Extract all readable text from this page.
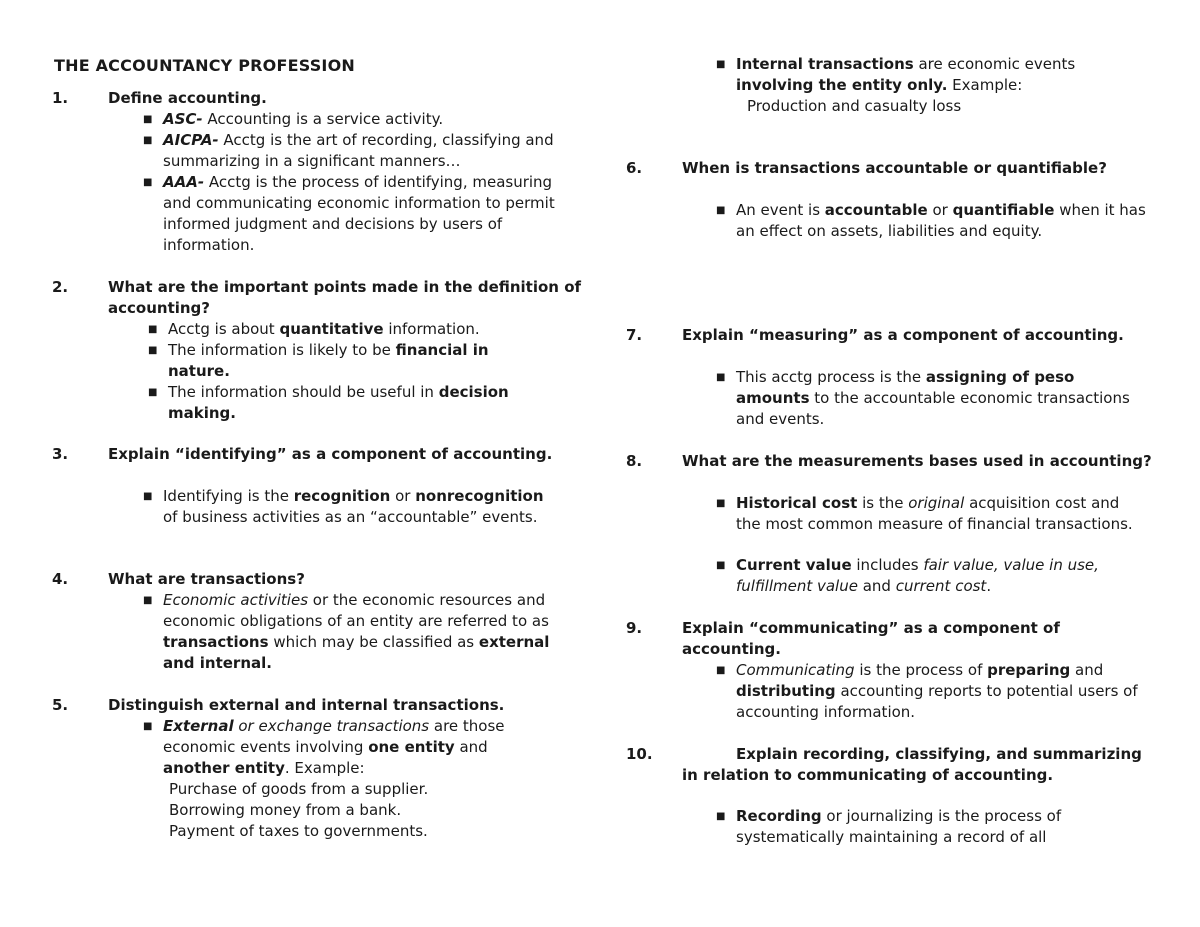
THE ACCOUNTANCY PROFESSION
1.	Define accounting.
■ ASC- Accounting is a service activity.
■ AICPA- Acctg is the art of recording, classifying and summarizing in a significant manners…
■ AAA- Acctg is the process of identifying, measuring and communicating economic information to permit informed judgment and decisions by users of information.
2.	What are the important points made in the definition of accounting?
■ Acctg is about quantitative information.
■ The information is likely to be financial in nature.
■ The information should be useful in decision making.
3.	Explain “identifying” as a component of accounting.
■ Identifying is the recognition or nonrecognition of business activities as an “accountable” events.
4.	What are transactions?
■ Economic activities or the economic resources and economic obligations of an entity are referred to as transactions which may be classified as external and internal.
5.	Distinguish external and internal transactions.
■ External or exchange transactions are those economic events involving one entity and another entity. Example:
Purchase of goods from a supplier.
Borrowing money from a bank.
Payment of taxes to governments.
■ Internal transactions are economic events involving the entity only. Example:
Production and casualty loss
6.	When is transactions accountable or quantifiable?
■ An event is accountable or quantifiable when it has an effect on assets, liabilities and equity.
7.	Explain “measuring” as a component of accounting.
■ This acctg process is the assigning of peso amounts to the accountable economic transactions and events.
8.	What are the measurements bases used in accounting?
■ Historical cost is the original acquisition cost and the most common measure of financial transactions.
■ Current value includes fair value, value in use, fulfillment value and current cost.
9.	Explain “communicating” as a component of accounting.
■ Communicating is the process of preparing and distributing accounting reports to potential users of accounting information.
10.	Explain recording, classifying, and summarizing in relation to communicating of accounting.
■ Recording or journalizing is the process of systematically maintaining a record of all
